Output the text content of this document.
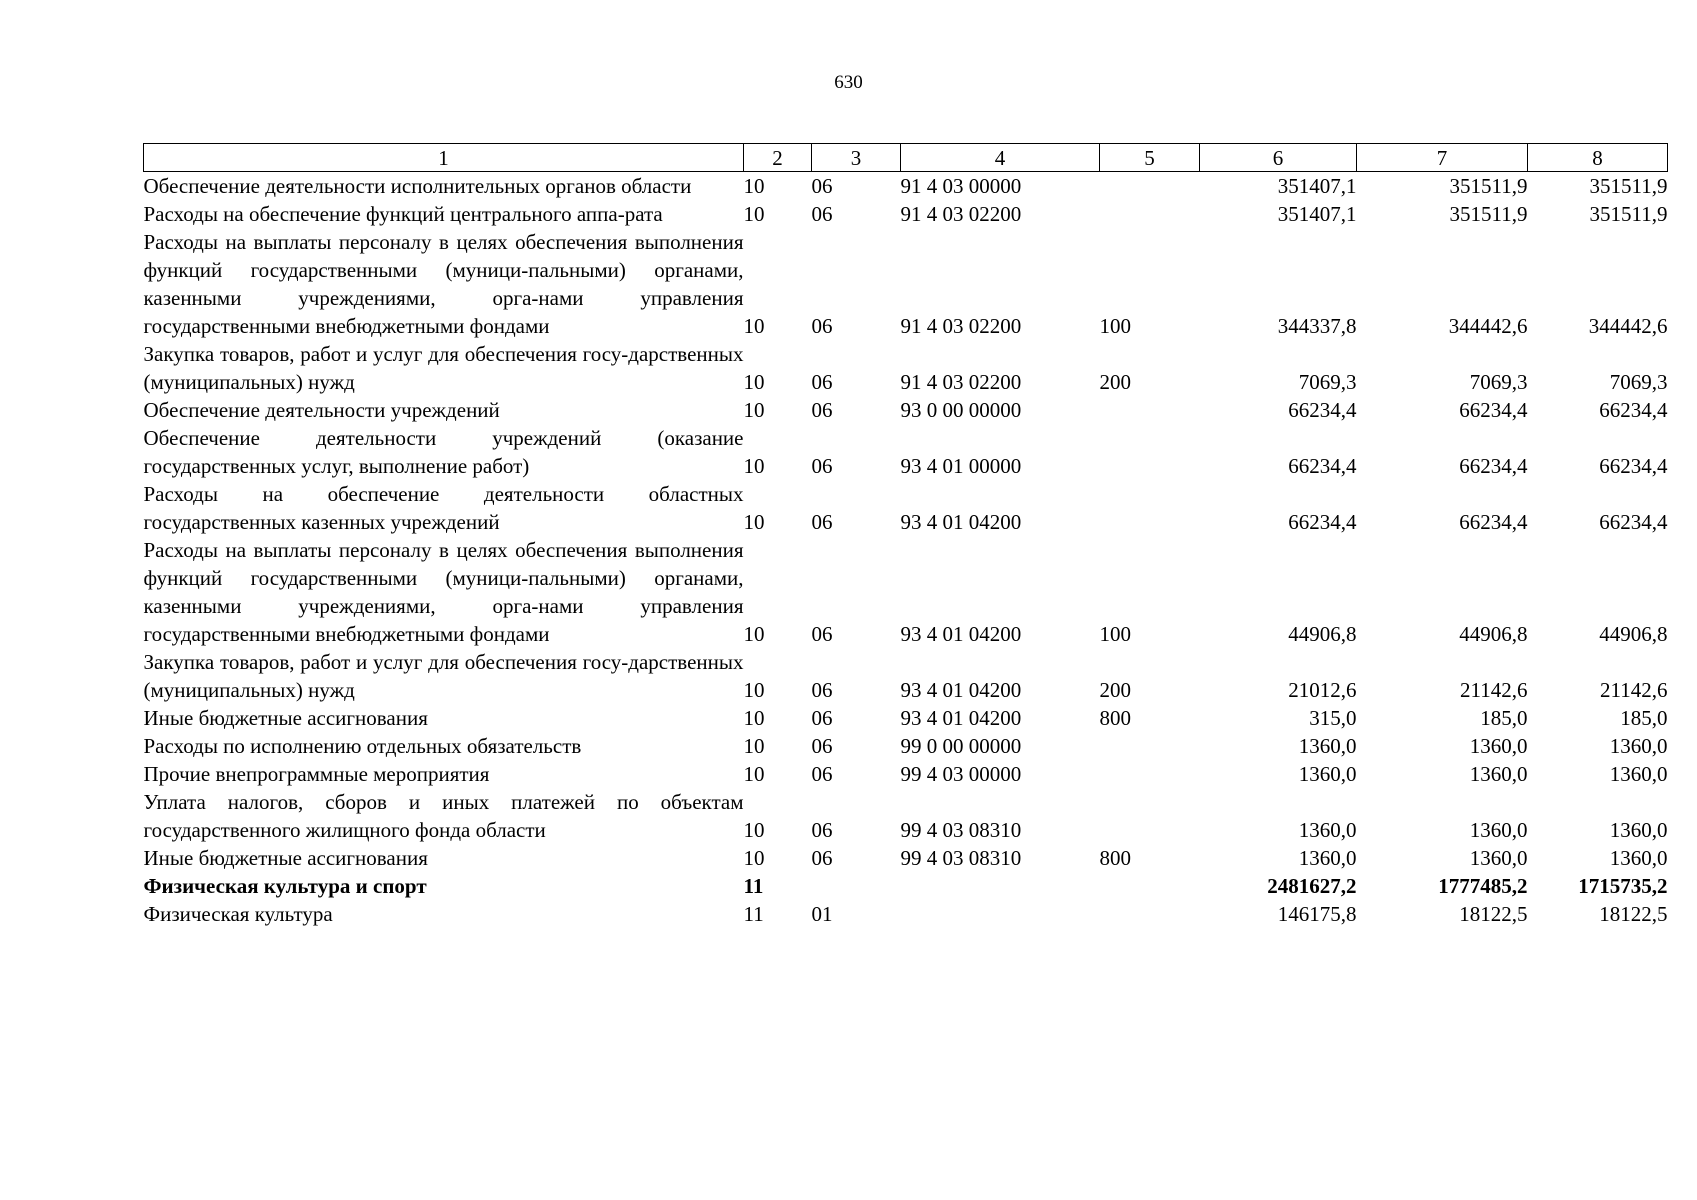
630
1	2	3	4	5	6	7	8
Обеспечение деятельности исполнительных органов области	10	06	91 4 03 00000		351407,1	351511,9	351511,9
Расходы на обеспечение функций центрального аппа-рата	10	06	91 4 03 02200		351407,1	351511,9	351511,9
Расходы на выплаты персоналу в целях обеспечения выполнения функций государственными (муници-пальными) органами, казенными учреждениями, орга-нами управления государственными внебюджетными фондами	10	06	91 4 03 02200	100	344337,8	344442,6	344442,6
Закупка товаров, работ и услуг для обеспечения госу-дарственных (муниципальных) нужд	10	06	91 4 03 02200	200	7069,3	7069,3	7069,3
Обеспечение деятельности учреждений	10	06	93 0 00 00000		66234,4	66234,4	66234,4
Обеспечение деятельности учреждений (оказание государственных услуг, выполнение работ)	10	06	93 4 01 00000		66234,4	66234,4	66234,4
Расходы на обеспечение деятельности областных государственных казенных учреждений	10	06	93 4 01 04200		66234,4	66234,4	66234,4
Расходы на выплаты персоналу в целях обеспечения выполнения функций государственными (муници-пальными) органами, казенными учреждениями, орга-нами управления государственными внебюджетными фондами	10	06	93 4 01 04200	100	44906,8	44906,8	44906,8
Закупка товаров, работ и услуг для обеспечения госу-дарственных (муниципальных) нужд	10	06	93 4 01 04200	200	21012,6	21142,6	21142,6
Иные бюджетные ассигнования	10	06	93 4 01 04200	800	315,0	185,0	185,0
Расходы по исполнению отдельных обязательств	10	06	99 0 00 00000		1360,0	1360,0	1360,0
Прочие внепрограммные мероприятия	10	06	99 4 03 00000		1360,0	1360,0	1360,0
Уплата налогов, сборов и иных платежей по объектам государственного жилищного фонда области	10	06	99 4 03 08310		1360,0	1360,0	1360,0
Иные бюджетные ассигнования	10	06	99 4 03 08310	800	1360,0	1360,0	1360,0
Физическая культура и спорт	11				2481627,2	1777485,2	1715735,2
Физическая культура	11	01			146175,8	18122,5	18122,5
